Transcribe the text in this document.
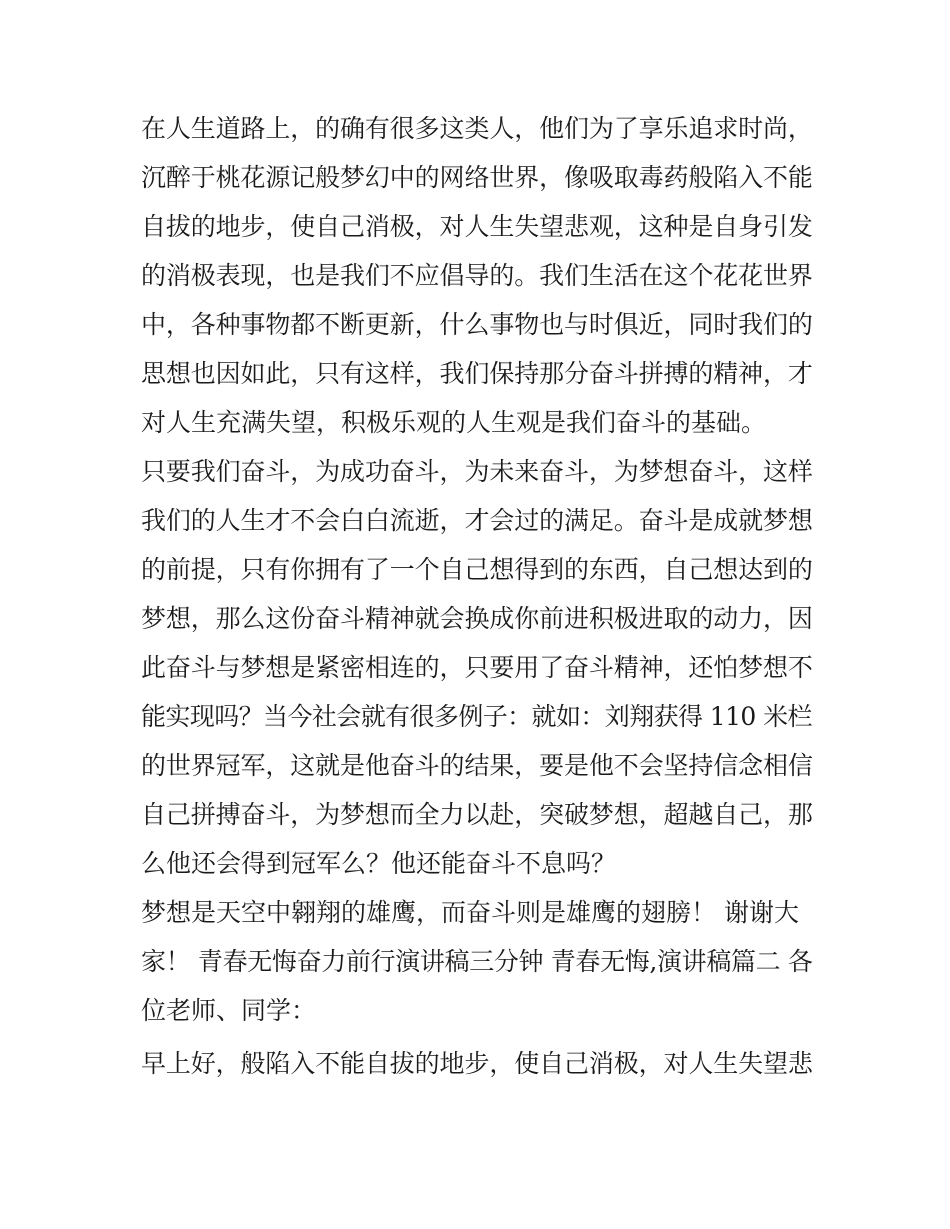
在人生道路上，的确有很多这类人，他们为了享乐追求时尚，
沉醉于桃花源记般梦幻中的网络世界，像吸取毒药般陷入不能
自拔的地步，使自己消极，对人生失望悲观，这种是自身引发
的消极表现，也是我们不应倡导的。我们生活在这个花花世界
中，各种事物都不断更新，什么事物也与时俱近，同时我们的
思想也因如此，只有这样，我们保持那分奋斗拼搏的精神，才
对人生充满失望，积极乐观的人生观是我们奋斗的基础。
只要我们奋斗，为成功奋斗，为未来奋斗，为梦想奋斗，这样
我们的人生才不会白白流逝，才会过的满足。奋斗是成就梦想
的前提，只有你拥有了一个自己想得到的东西，自己想达到的
梦想，那么这份奋斗精神就会换成你前进积极进取的动力，因
此奋斗与梦想是紧密相连的，只要用了奋斗精神，还怕梦想不
能实现吗？当今社会就有很多例子：就如：刘翔获得 110 米栏
的世界冠军，这就是他奋斗的结果，要是他不会坚持信念相信
自己拼搏奋斗，为梦想而全力以赴，突破梦想，超越自己，那
么他还会得到冠军么？他还能奋斗不息吗？
梦想是天空中翱翔的雄鹰，而奋斗则是雄鹰的翅膀！ 谢谢大
家！ 青春无悔奋力前行演讲稿三分钟 青春无悔,演讲稿篇二 各
位老师、同学：
早上好，般陷入不能自拔的地步，使自己消极，对人生失望悲
